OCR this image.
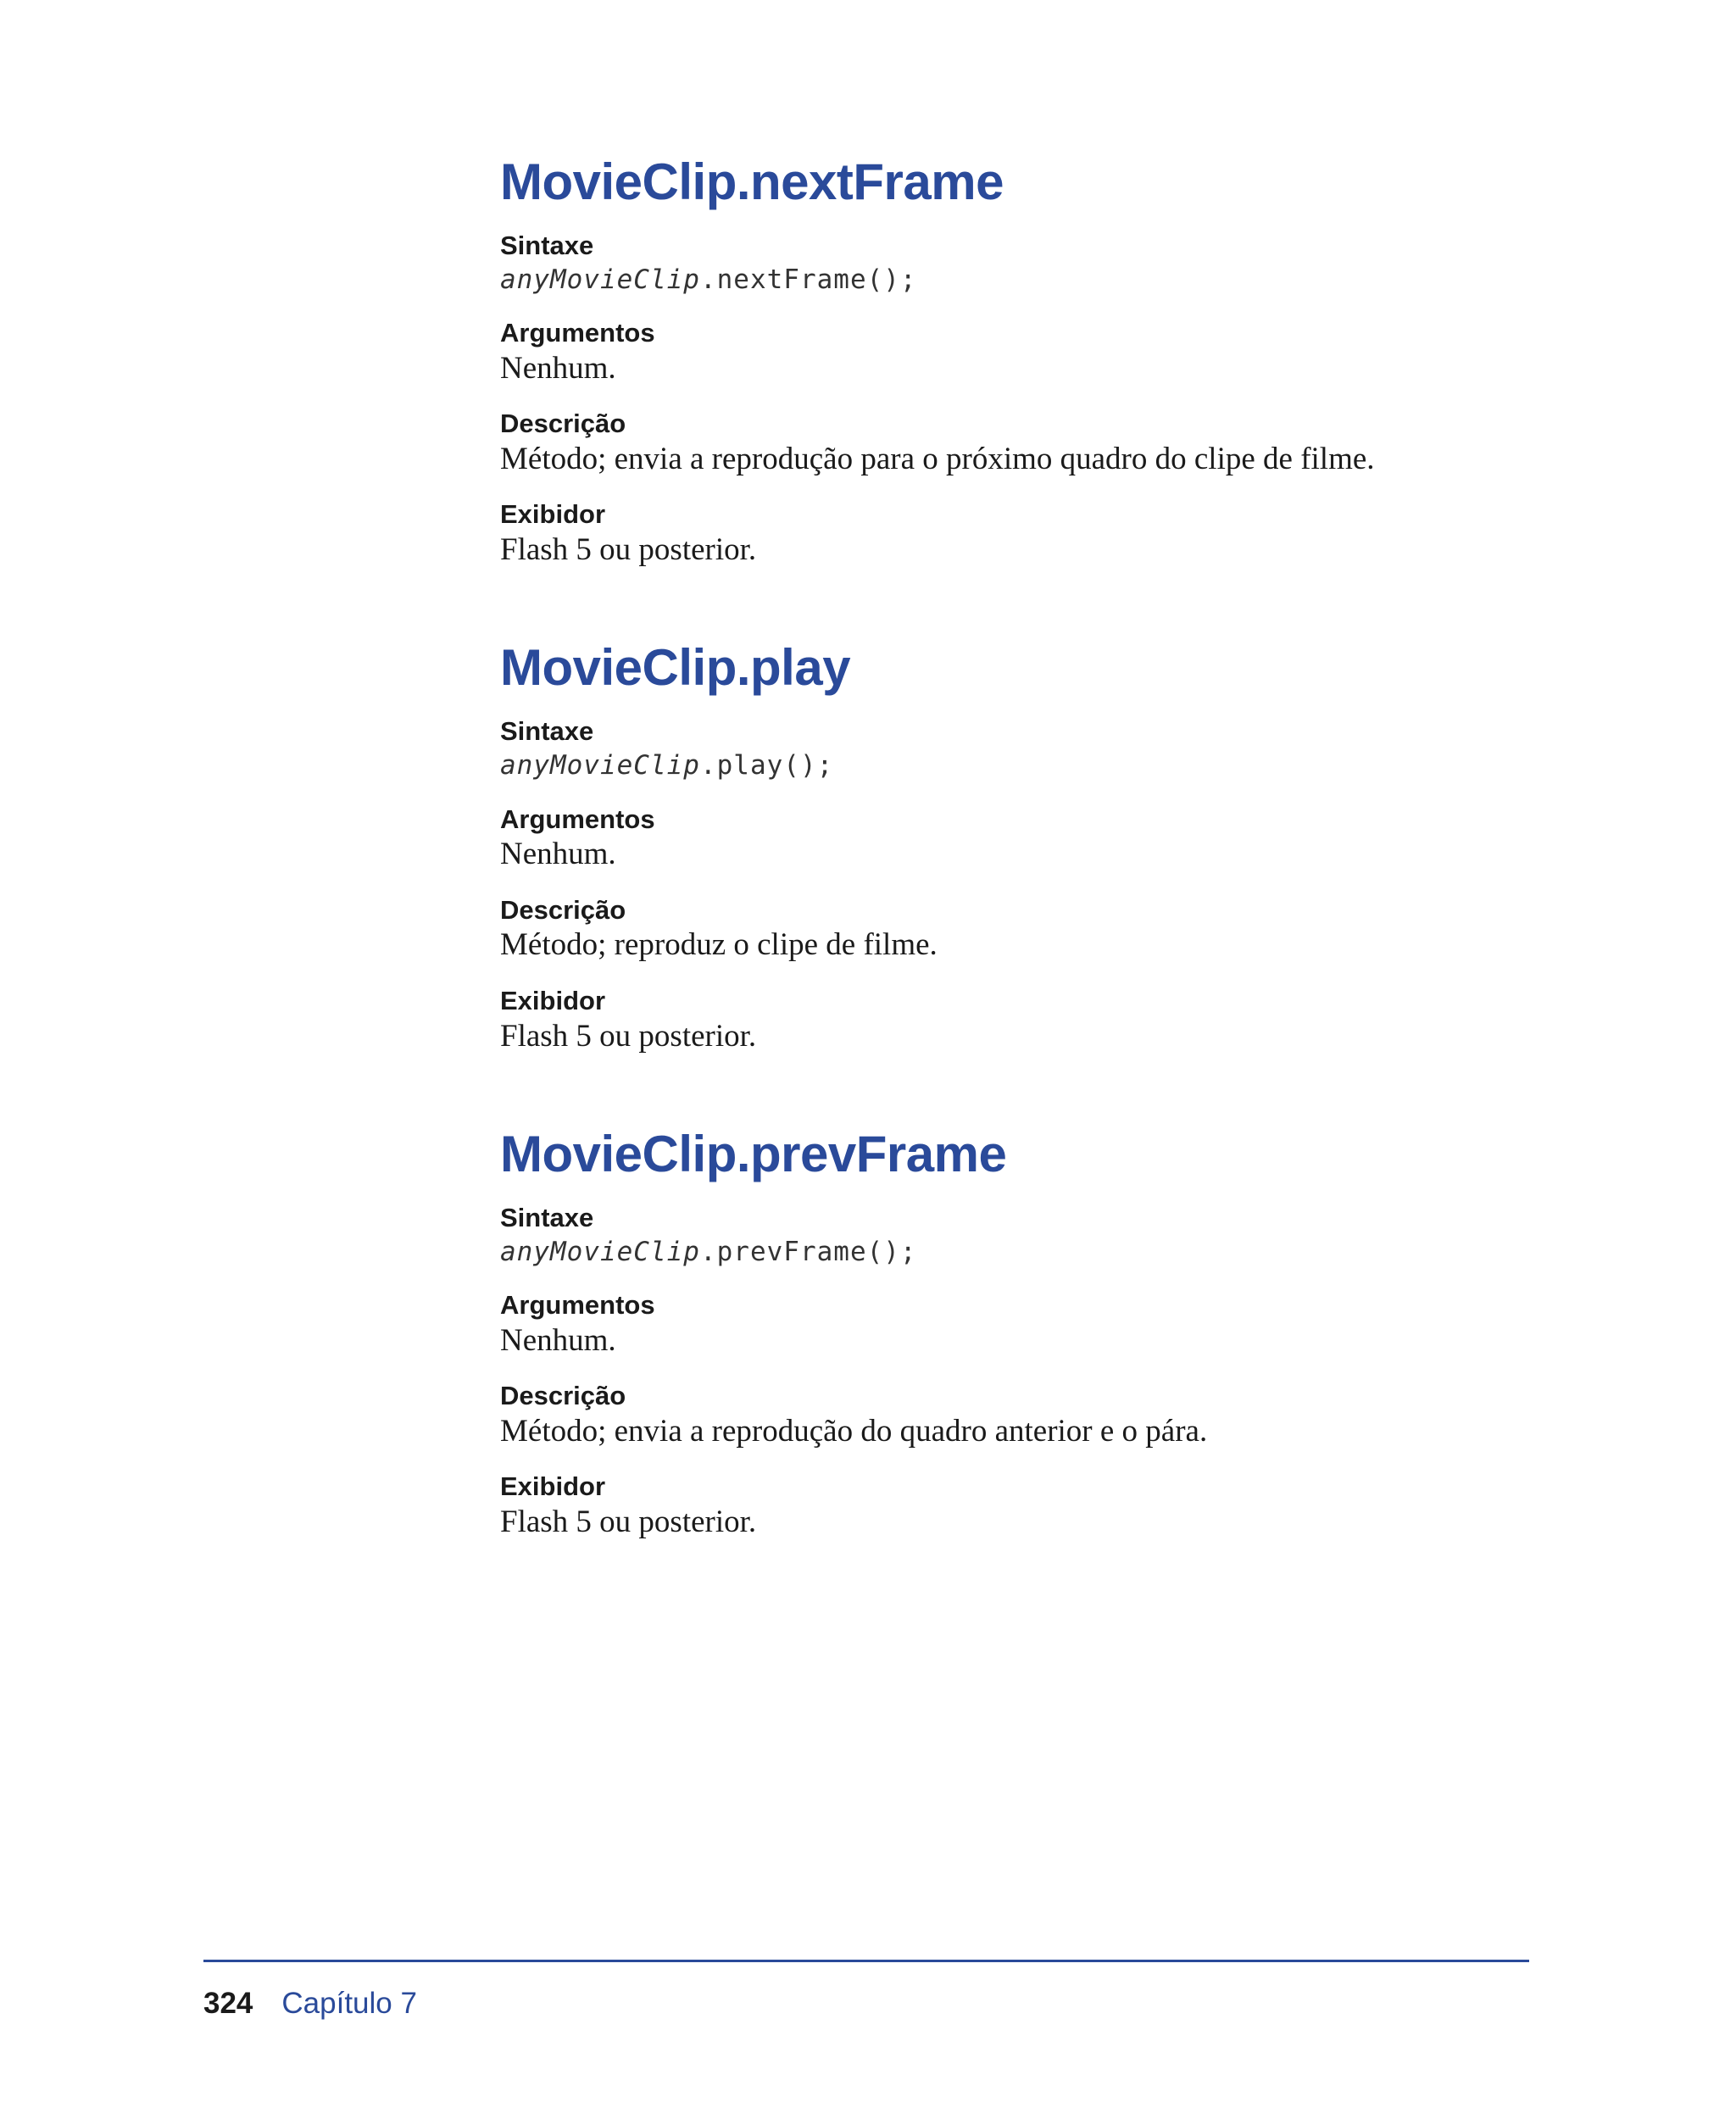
MovieClip.nextFrame
Sintaxe
anyMovieClip.nextFrame();
Argumentos
Nenhum.
Descrição
Método; envia a reprodução para o próximo quadro do clipe de filme.
Exibidor
Flash 5 ou posterior.
MovieClip.play
Sintaxe
anyMovieClip.play();
Argumentos
Nenhum.
Descrição
Método; reproduz o clipe de filme.
Exibidor
Flash 5 ou posterior.
MovieClip.prevFrame
Sintaxe
anyMovieClip.prevFrame();
Argumentos
Nenhum.
Descrição
Método; envia a reprodução do quadro anterior e o pára.
Exibidor
Flash 5 ou posterior.
324 Capítulo 7
